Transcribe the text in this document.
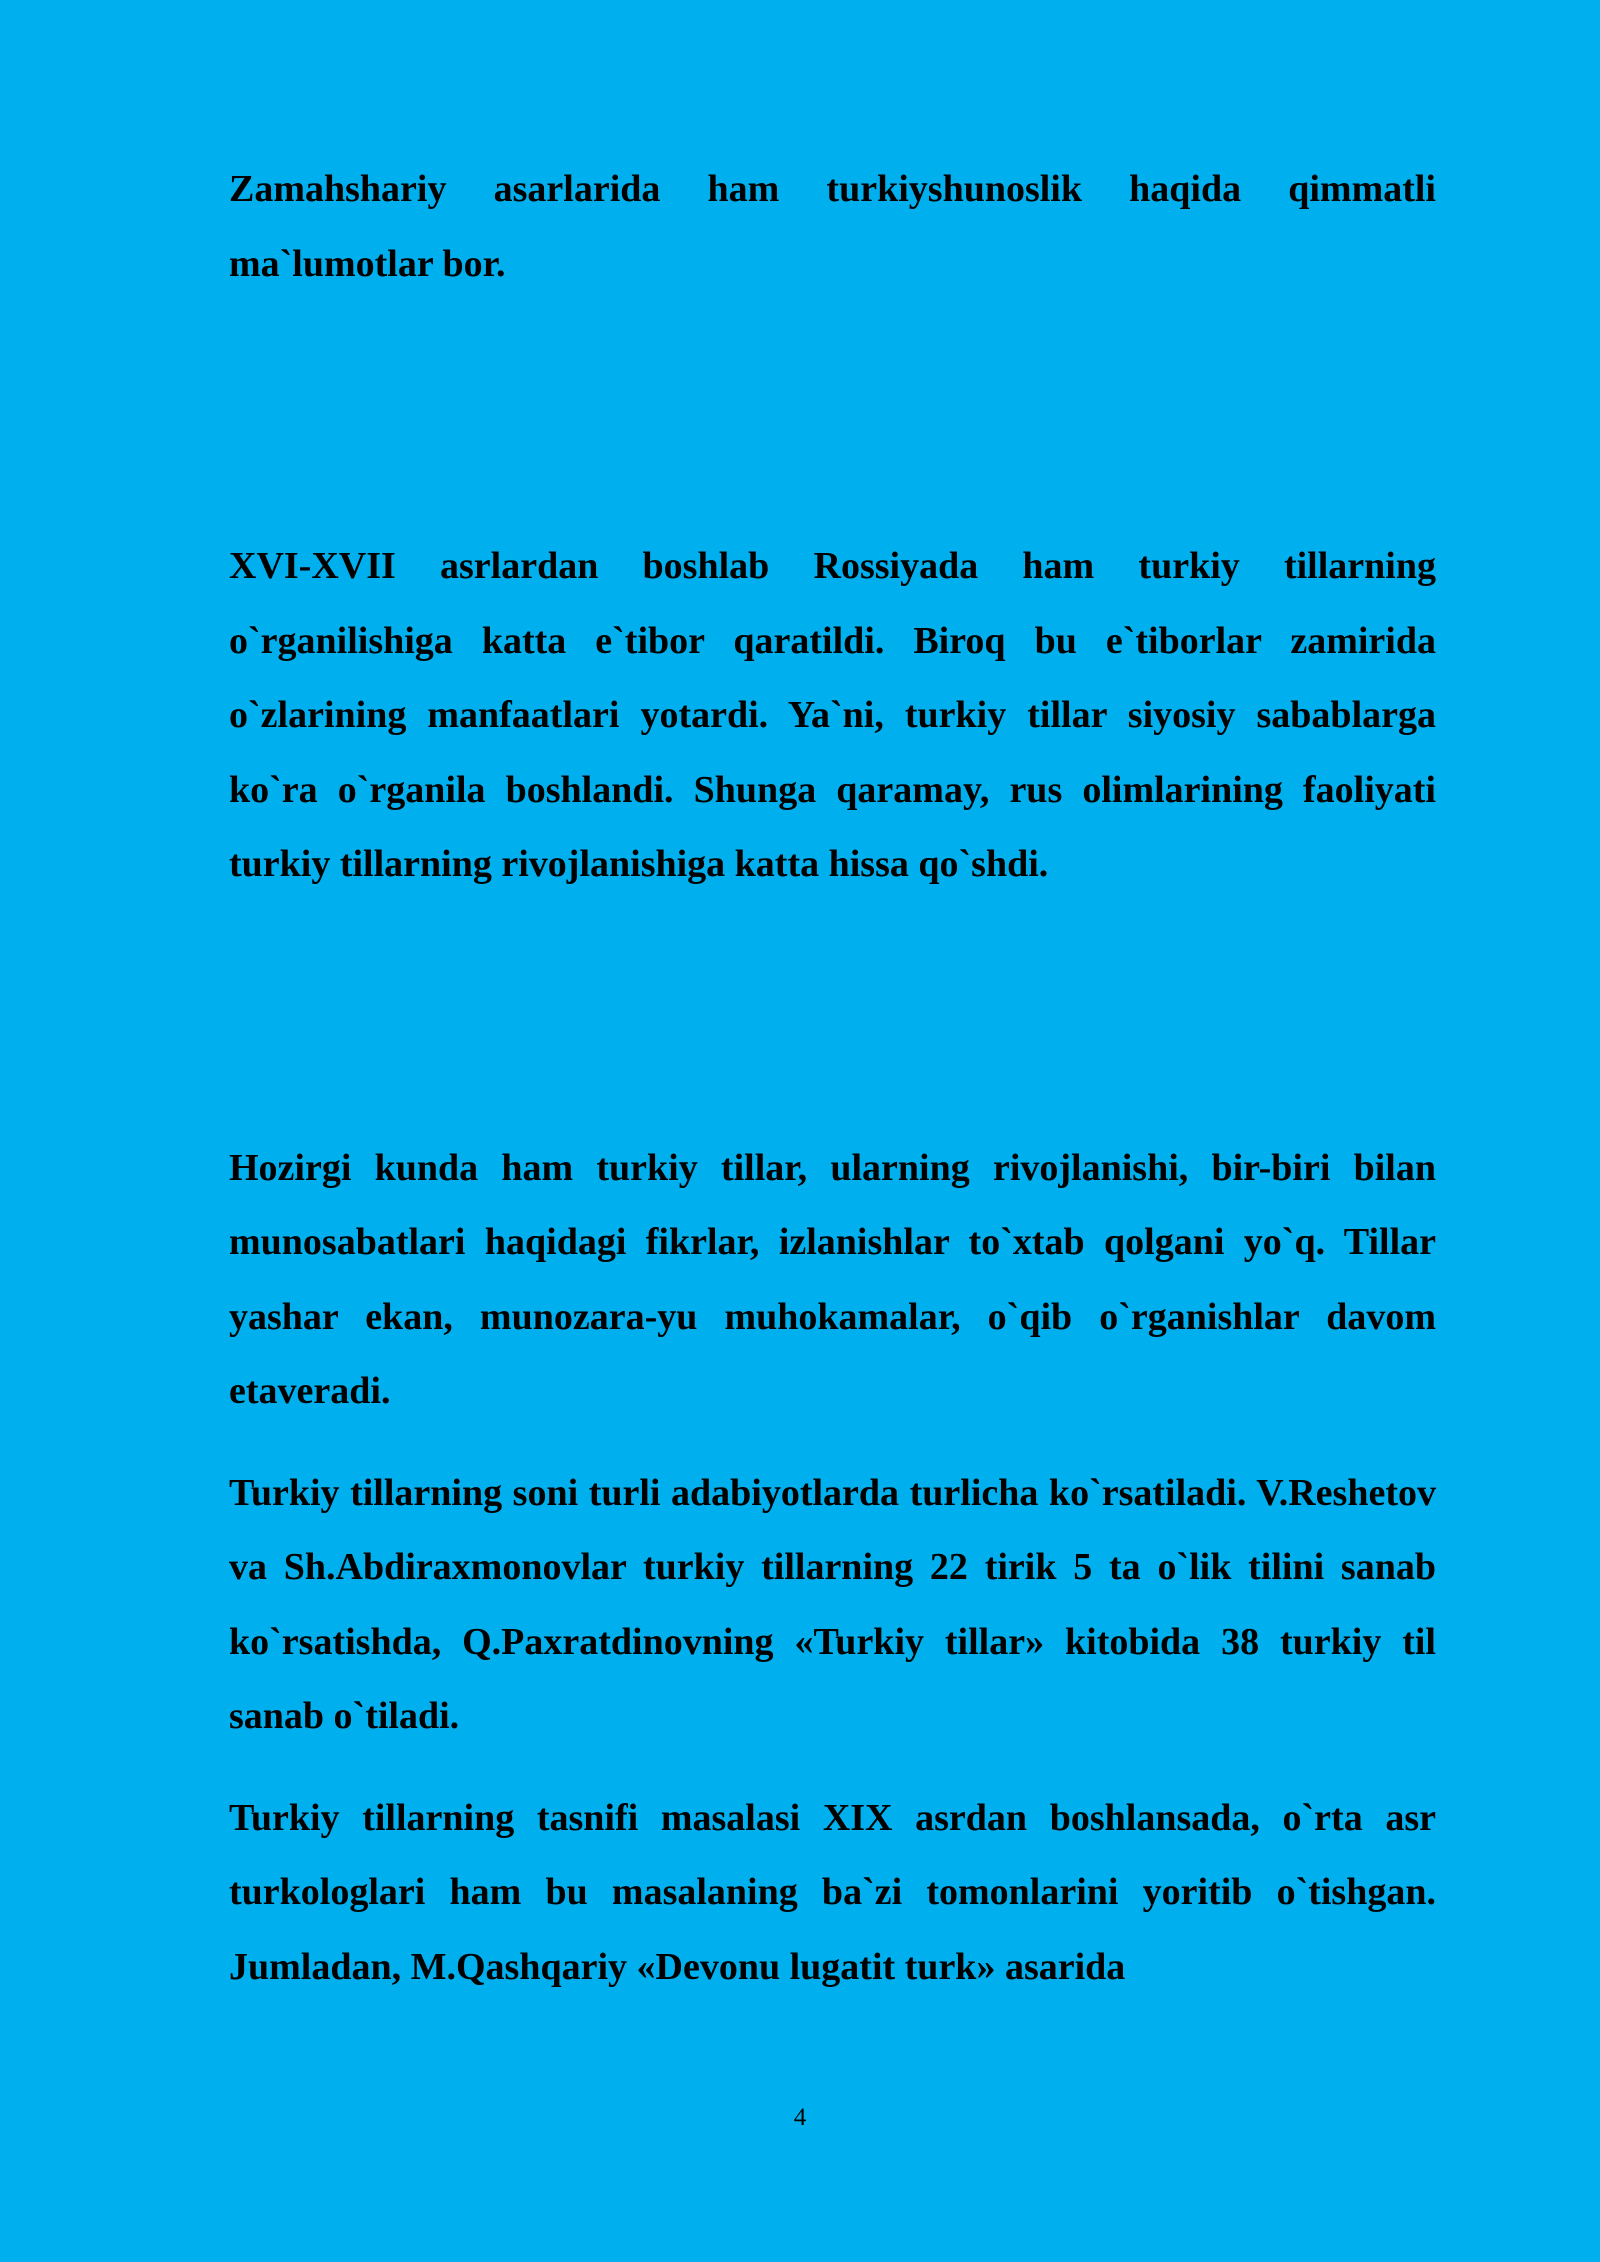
Zamahshariy asarlarida ham turkiyshunoslik haqida qimmatli ma`lumotlar bor.

XVI-XVII asrlardan boshlab Rossiyada ham turkiy tillarning o`rganilishiga katta e`tibor qaratildi. Biroq bu e`tiborlar zamirida o`zlarining manfaatlari yotardi. Ya`ni, turkiy tillar siyosiy sabablarga ko`ra o`rganila boshlandi. Shunga qaramay, rus olimlarining faoliyati turkiy tillarning rivojlanishiga katta hissa qo`shdi.

Hozirgi kunda ham turkiy tillar, ularning rivojlanishi, bir-biri bilan munosabatlari haqidagi fikrlar, izlanishlar to`xtab qolgani yo`q. Tillar yashar ekan, munozara-yu muhokamalar, o`qib o`rganishlar davom etaveradi.

Turkiy tillarning soni turli adabiyotlarda turlicha ko`rsatiladi. V.Reshetov va Sh.Abdiraxmonovlar turkiy tillarning 22 tirik 5 ta o`lik tilini sanab ko`rsatishda, Q.Paxratdinovning «Turkiy tillar» kitobida 38 turkiy til sanab o`tiladi.

Turkiy tillarning tasnifi masalasi XIX asrdan boshlansada, o`rta asr turkologlari ham bu masalaning ba`zi tomonlarini yoritib o`tishgan. Jumladan, M.Qashqariy «Devonu lugatit turk» asarida

4
